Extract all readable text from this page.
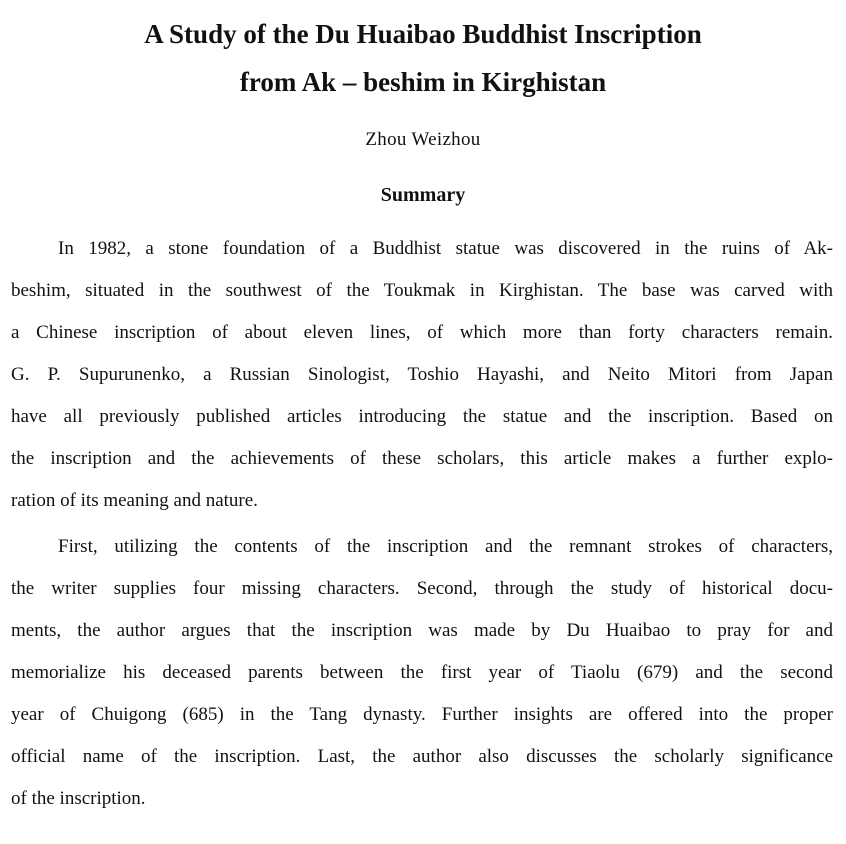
A Study of the Du Huaibao Buddhist Inscription
from Ak – beshim in Kirghistan
Zhou Weizhou
Summary
In 1982, a stone foundation of a Buddhist statue was discovered in the ruins of Ak-
beshim, situated in the southwest of the Toukmak in Kirghistan. The base was carved with
a Chinese inscription of about eleven lines, of which more than forty characters remain.
G. P. Supurunenko, a Russian Sinologist, Toshio Hayashi, and Neito Mitori from Japan
have all previously published articles introducing the statue and the inscription. Based on
the inscription and the achievements of these scholars, this article makes a further explo-
ration of its meaning and nature.
First, utilizing the contents of the inscription and the remnant strokes of characters,
the writer supplies four missing characters. Second, through the study of historical docu-
ments, the author argues that the inscription was made by Du Huaibao to pray for and
memorialize his deceased parents between the first year of Tiaolu (679) and the second
year of Chuigong (685) in the Tang dynasty. Further insights are offered into the proper
official name of the inscription. Last, the author also discusses the scholarly significance
of the inscription.
